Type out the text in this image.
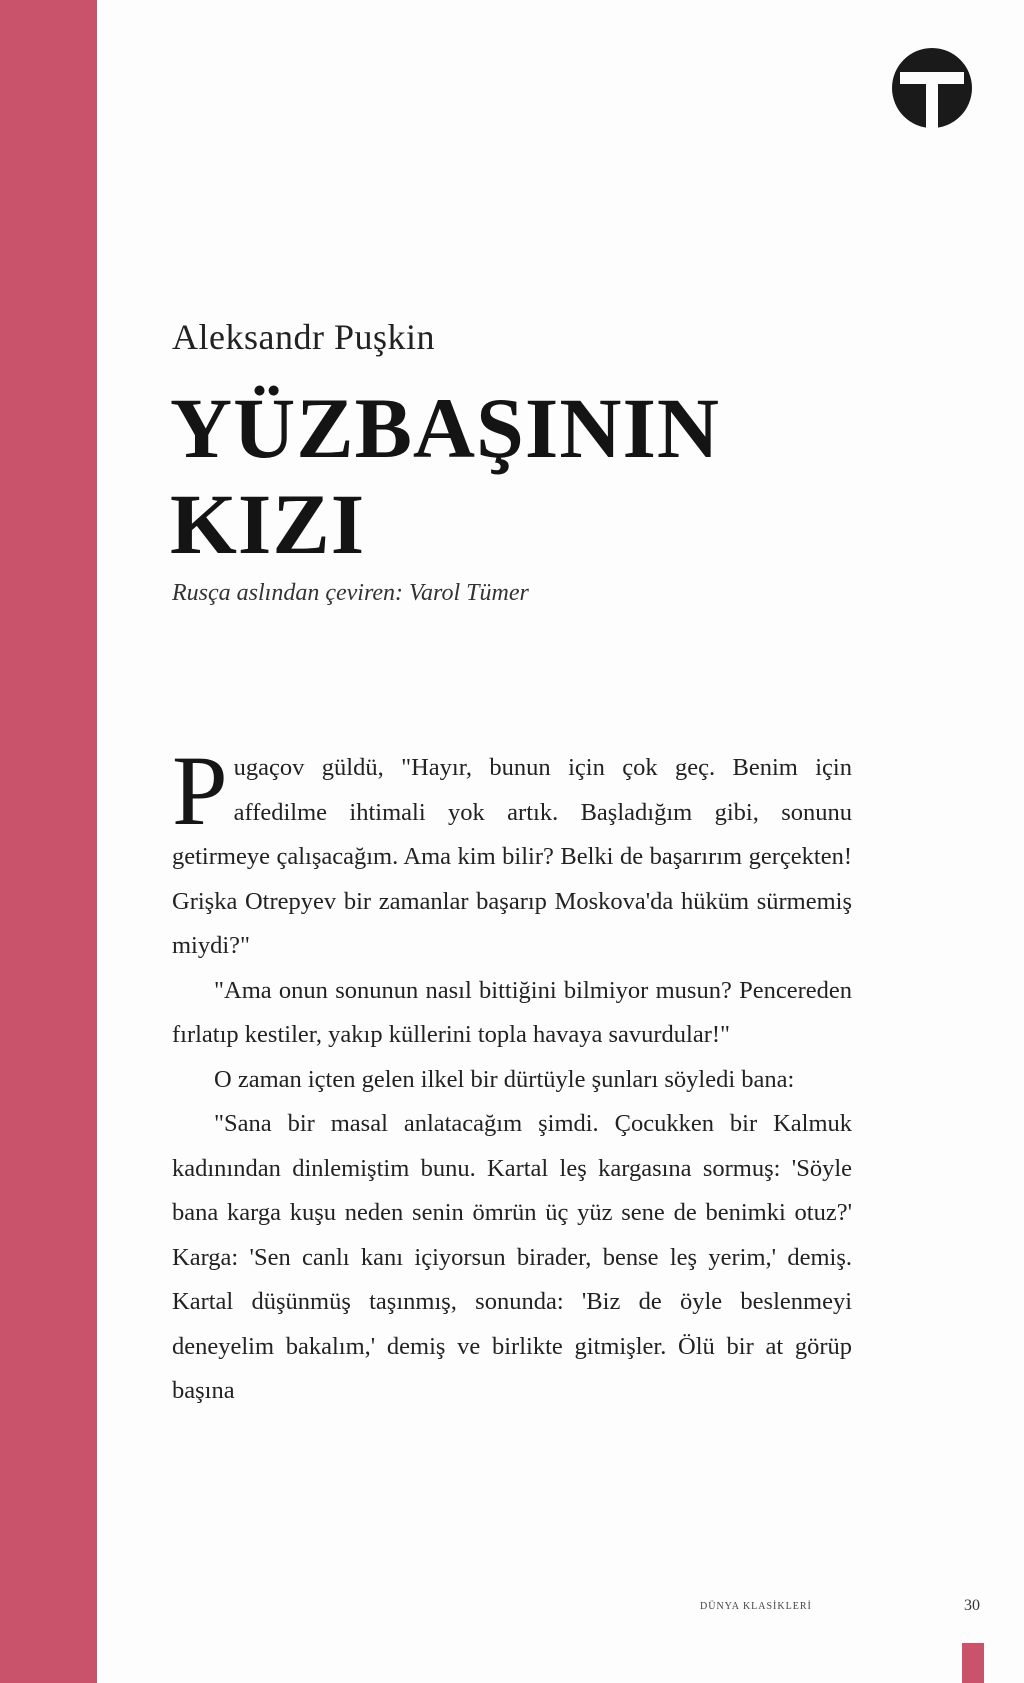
Aleksandr Puşkin
YÜZBAŞININ
KIZI
Rusça aslından çeviren: Varol Tümer

Pugaçov güldü, "Hayır, bunun için çok geç. Benim için affedilme ihtimali yok artık. Başladığım gibi, sonunu getirmeye çalışacağım. Ama kim bilir? Belki de başarırım gerçekten! Grişka Otrepyev bir zamanlar başarıp Moskova'da hüküm sürmemiş miydi?"

"Ama onun sonunun nasıl bittiğini bilmiyor musun? Pencereden fırlatıp kestiler, yakıp küllerini topla havaya savurdular!"

O zaman içten gelen ilkel bir dürtüyle şunları söyledi bana:

"Sana bir masal anlatacağım şimdi. Çocukken bir Kalmuk kadınından dinlemiştim bunu. Kartal leş kargasına sormuş: 'Söyle bana karga kuşu neden senin ömrün üç yüz sene de benimki otuz?' Karga: 'Sen canlı kanı içiyorsun birader, bense leş yerim,' demiş. Kartal düşünmüş taşınmış, sonunda: 'Biz de öyle beslenmeyi deneyelim bakalım,' demiş ve birlikte gitmişler. Ölü bir at görüp başına

DÜNYA KLASİKLERİ	30
